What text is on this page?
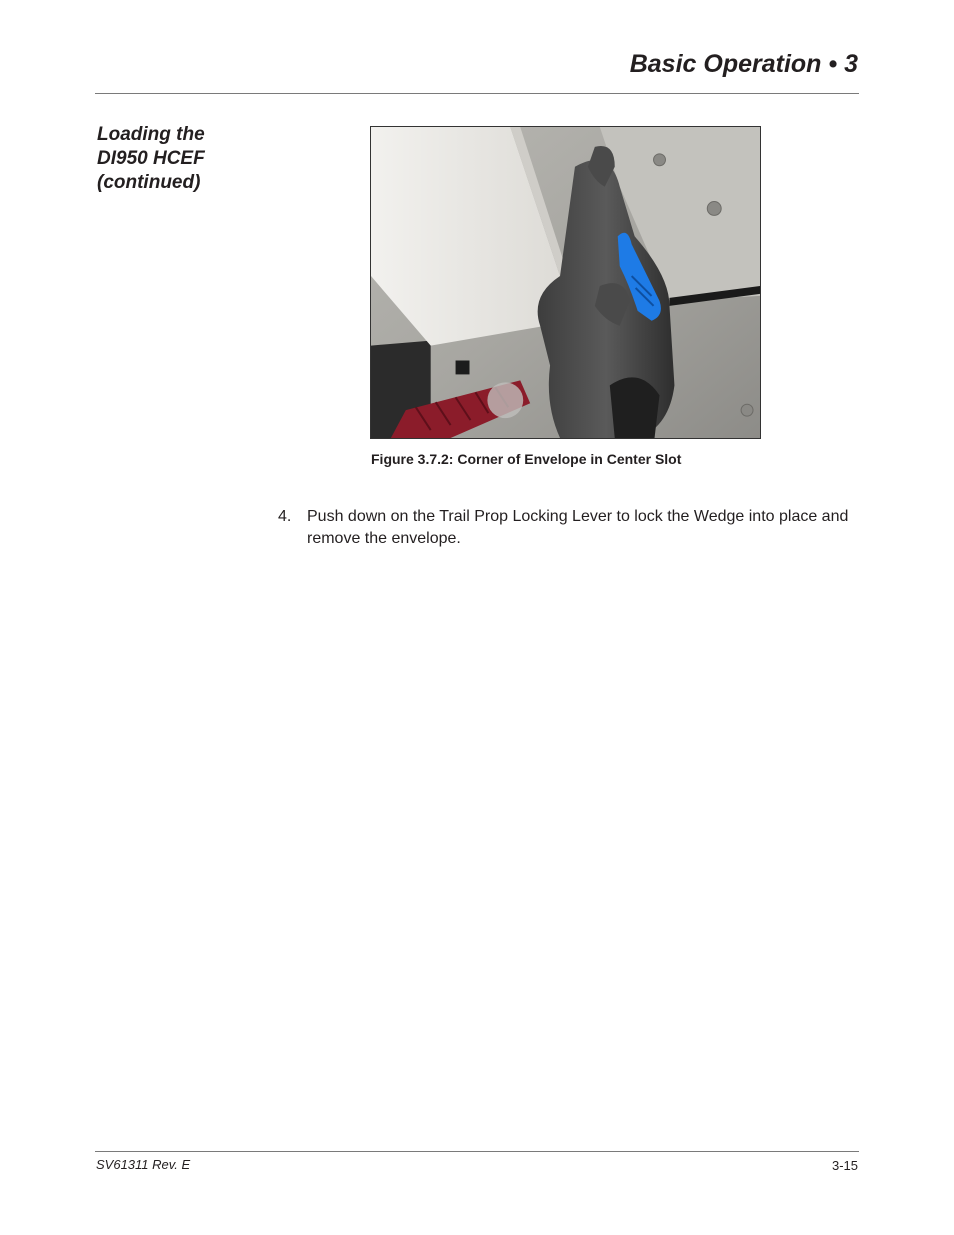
Basic Operation • 3
Loading the
DI950 HCEF
(continued)
Figure 3.7.2: Corner of Envelope in Center Slot
4. Push down on the Trail Prop Locking Lever to lock the Wedge into place and remove the envelope.
SV61311 Rev. E	3-15
